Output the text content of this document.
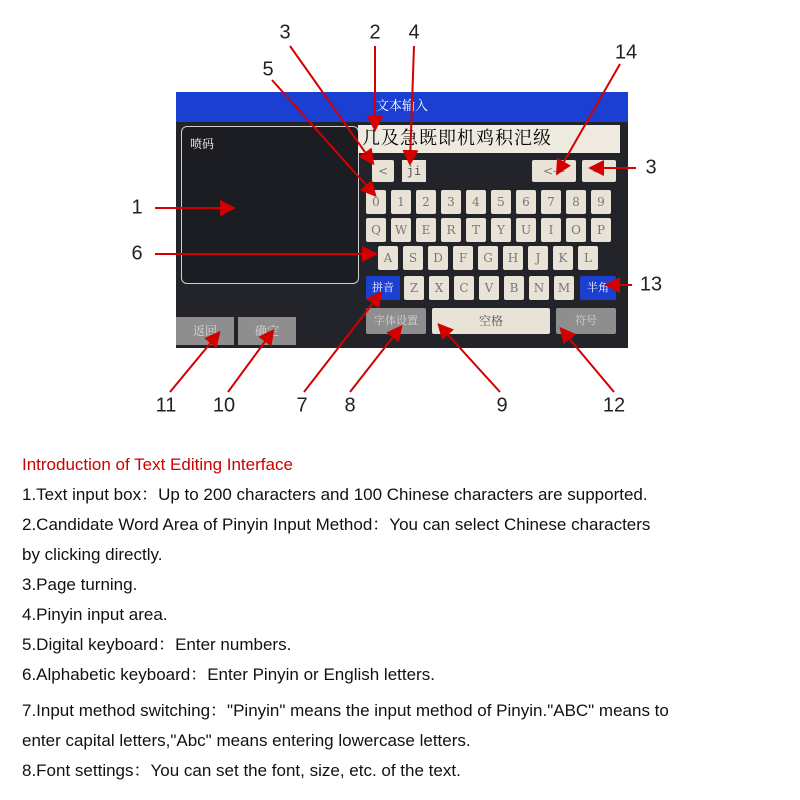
文本输入
喷码	几及急既即机鸡积汜级
<	ji	<—	—
0	1	2	3	4	5	6	7	8	9
Q	W	E	R	T	Y	U	I	O	P
A	S	D	F	G	H	J	K	L
拼音	Z	X	C	V	B	N	M	半角
字体设置	空格	符号
返回	确定
1
2
3
3
4
5
6
7 8	9
10
11	12
13
14

Introduction of Text Editing Interface

1.Text input box：Up to 200 characters and 100 Chinese characters are supported.

2.Candidate Word Area of Pinyin Input Method：You can select Chinese characters

by clicking directly.

3.Page turning.

4.Pinyin input area.

5.Digital keyboard：Enter numbers.

6.Alphabetic keyboard：Enter Pinyin or English letters.

7.Input method switching："Pinyin" means the input method of Pinyin."ABC" means to

enter capital letters,"Abc" means entering lowercase letters.

8.Font settings：You can set the font, size, etc. of the text.
